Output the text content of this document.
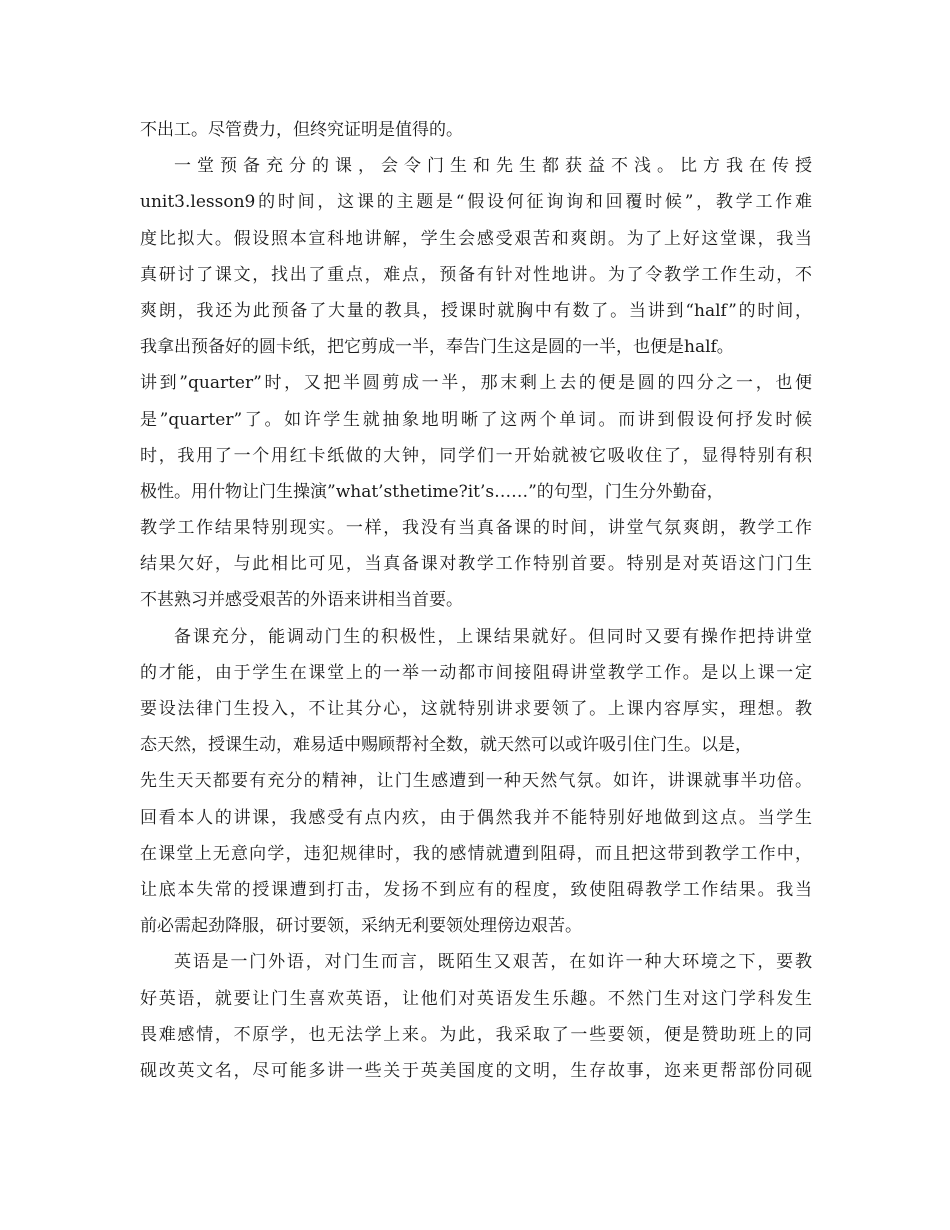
不出工。尽管费力，但终究证明是值得的。
一堂预备充分的课，会令门生和先生都获益不浅。比方我在传授
unit3.lesson9的时间，这课的主题是“假设何征询询和回覆时候”，教学工作难
度比拟大。假设照本宣科地讲解，学生会感受艰苦和爽朗。为了上好这堂课，我当
真研讨了课文，找出了重点，难点，预备有针对性地讲。为了令教学工作生动，不
爽朗，我还为此预备了大量的教具，授课时就胸中有数了。当讲到“half”的时间，
我拿出预备好的圆卡纸，把它剪成一半，奉告门生这是圆的一半，也便是half。
讲到”quarter”时，又把半圆剪成一半，那末剩上去的便是圆的四分之一，也便
是”quarter”了。如许学生就抽象地明晰了这两个单词。而讲到假设何抒发时候
时，我用了一个用红卡纸做的大钟，同学们一开始就被它吸收住了，显得特别有积
极性。用什物让门生操演”what’sthetime?it’s……”的句型，门生分外勤奋，
教学工作结果特别现实。一样，我没有当真备课的时间，讲堂气氛爽朗，教学工作
结果欠好，与此相比可见，当真备课对教学工作特别首要。特别是对英语这门门生
不甚熟习并感受艰苦的外语来讲相当首要。
备课充分，能调动门生的积极性，上课结果就好。但同时又要有操作把持讲堂
的才能，由于学生在课堂上的一举一动都市间接阻碍讲堂教学工作。是以上课一定
要设法律门生投入，不让其分心，这就特别讲求要领了。上课内容厚实，理想。教
态天然，授课生动，难易适中赐顾帮衬全数，就天然可以或许吸引住门生。以是，
先生天天都要有充分的精神，让门生感遭到一种天然气氛。如许，讲课就事半功倍。
回看本人的讲课，我感受有点内疚，由于偶然我并不能特别好地做到这点。当学生
在课堂上无意向学，违犯规律时，我的感情就遭到阻碍，而且把这带到教学工作中，
让底本失常的授课遭到打击，发扬不到应有的程度，致使阻碍教学工作结果。我当
前必需起劲降服，研讨要领，采纳无利要领处理傍边艰苦。
英语是一门外语，对门生而言，既陌生又艰苦，在如许一种大环境之下，要教
好英语，就要让门生喜欢英语，让他们对英语发生乐趣。不然门生对这门学科发生
畏难感情，不原学，也无法学上来。为此，我采取了一些要领，便是赞助班上的同
砚改英文名，尽可能多讲一些关于英美国度的文明，生存故事，迩来更帮部份同砚
